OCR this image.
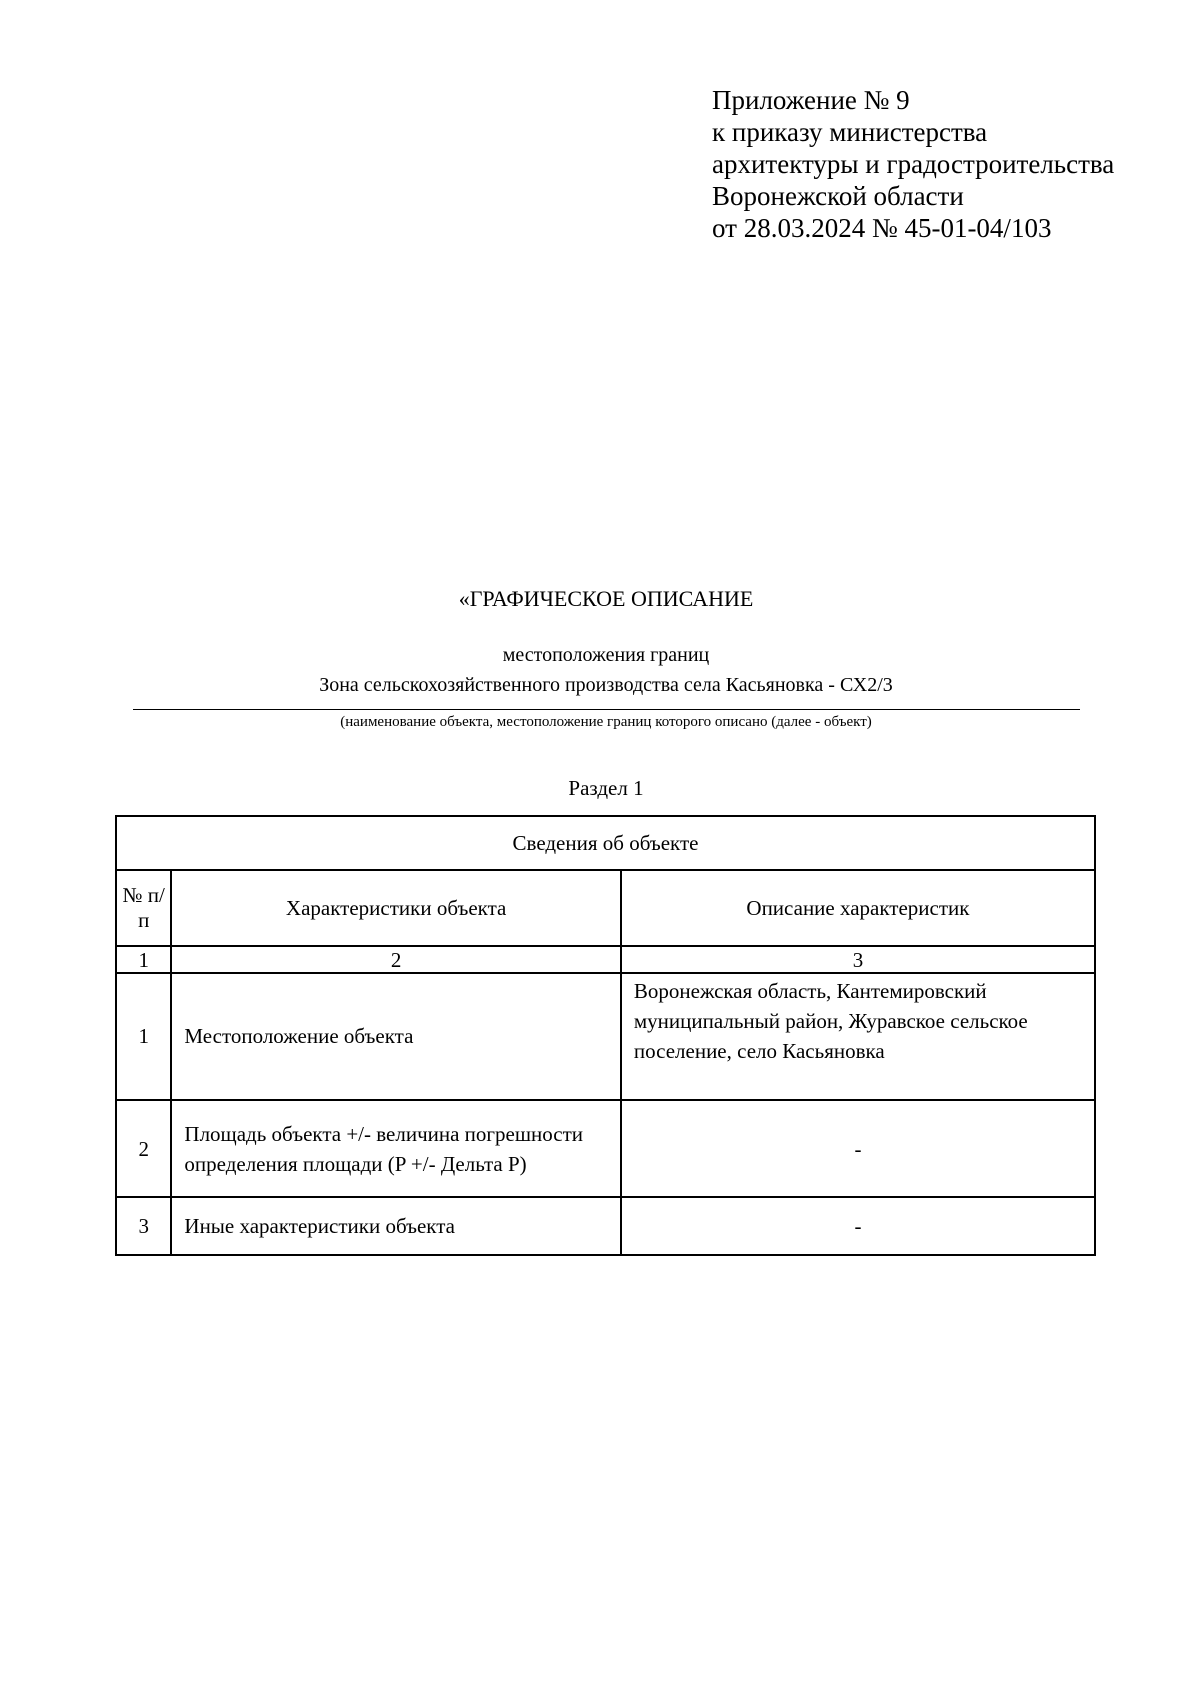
Приложение № 9
к приказу министерства
архитектуры и градостроительства
Воронежской области
от 28.03.2024 № 45-01-04/103
«ГРАФИЧЕСКОЕ ОПИСАНИЕ
местоположения границ
Зона сельскохозяйственного производства села Касьяновка - СХ2/3
(наименование объекта, местоположение границ которого описано (далее - объект)
Раздел 1
Сведения об объекте		
№ п/п	Характеристики объекта	Описание характеристик
1	2	3
1	Местоположение объекта	Воронежская область, Кантемировский муниципальный район, Журавское сельское поселение, село Касьяновка
2	Площадь объекта +/- величина погрешности определения площади (P +/- Дельта P)	-
3	Иные характеристики объекта	-
